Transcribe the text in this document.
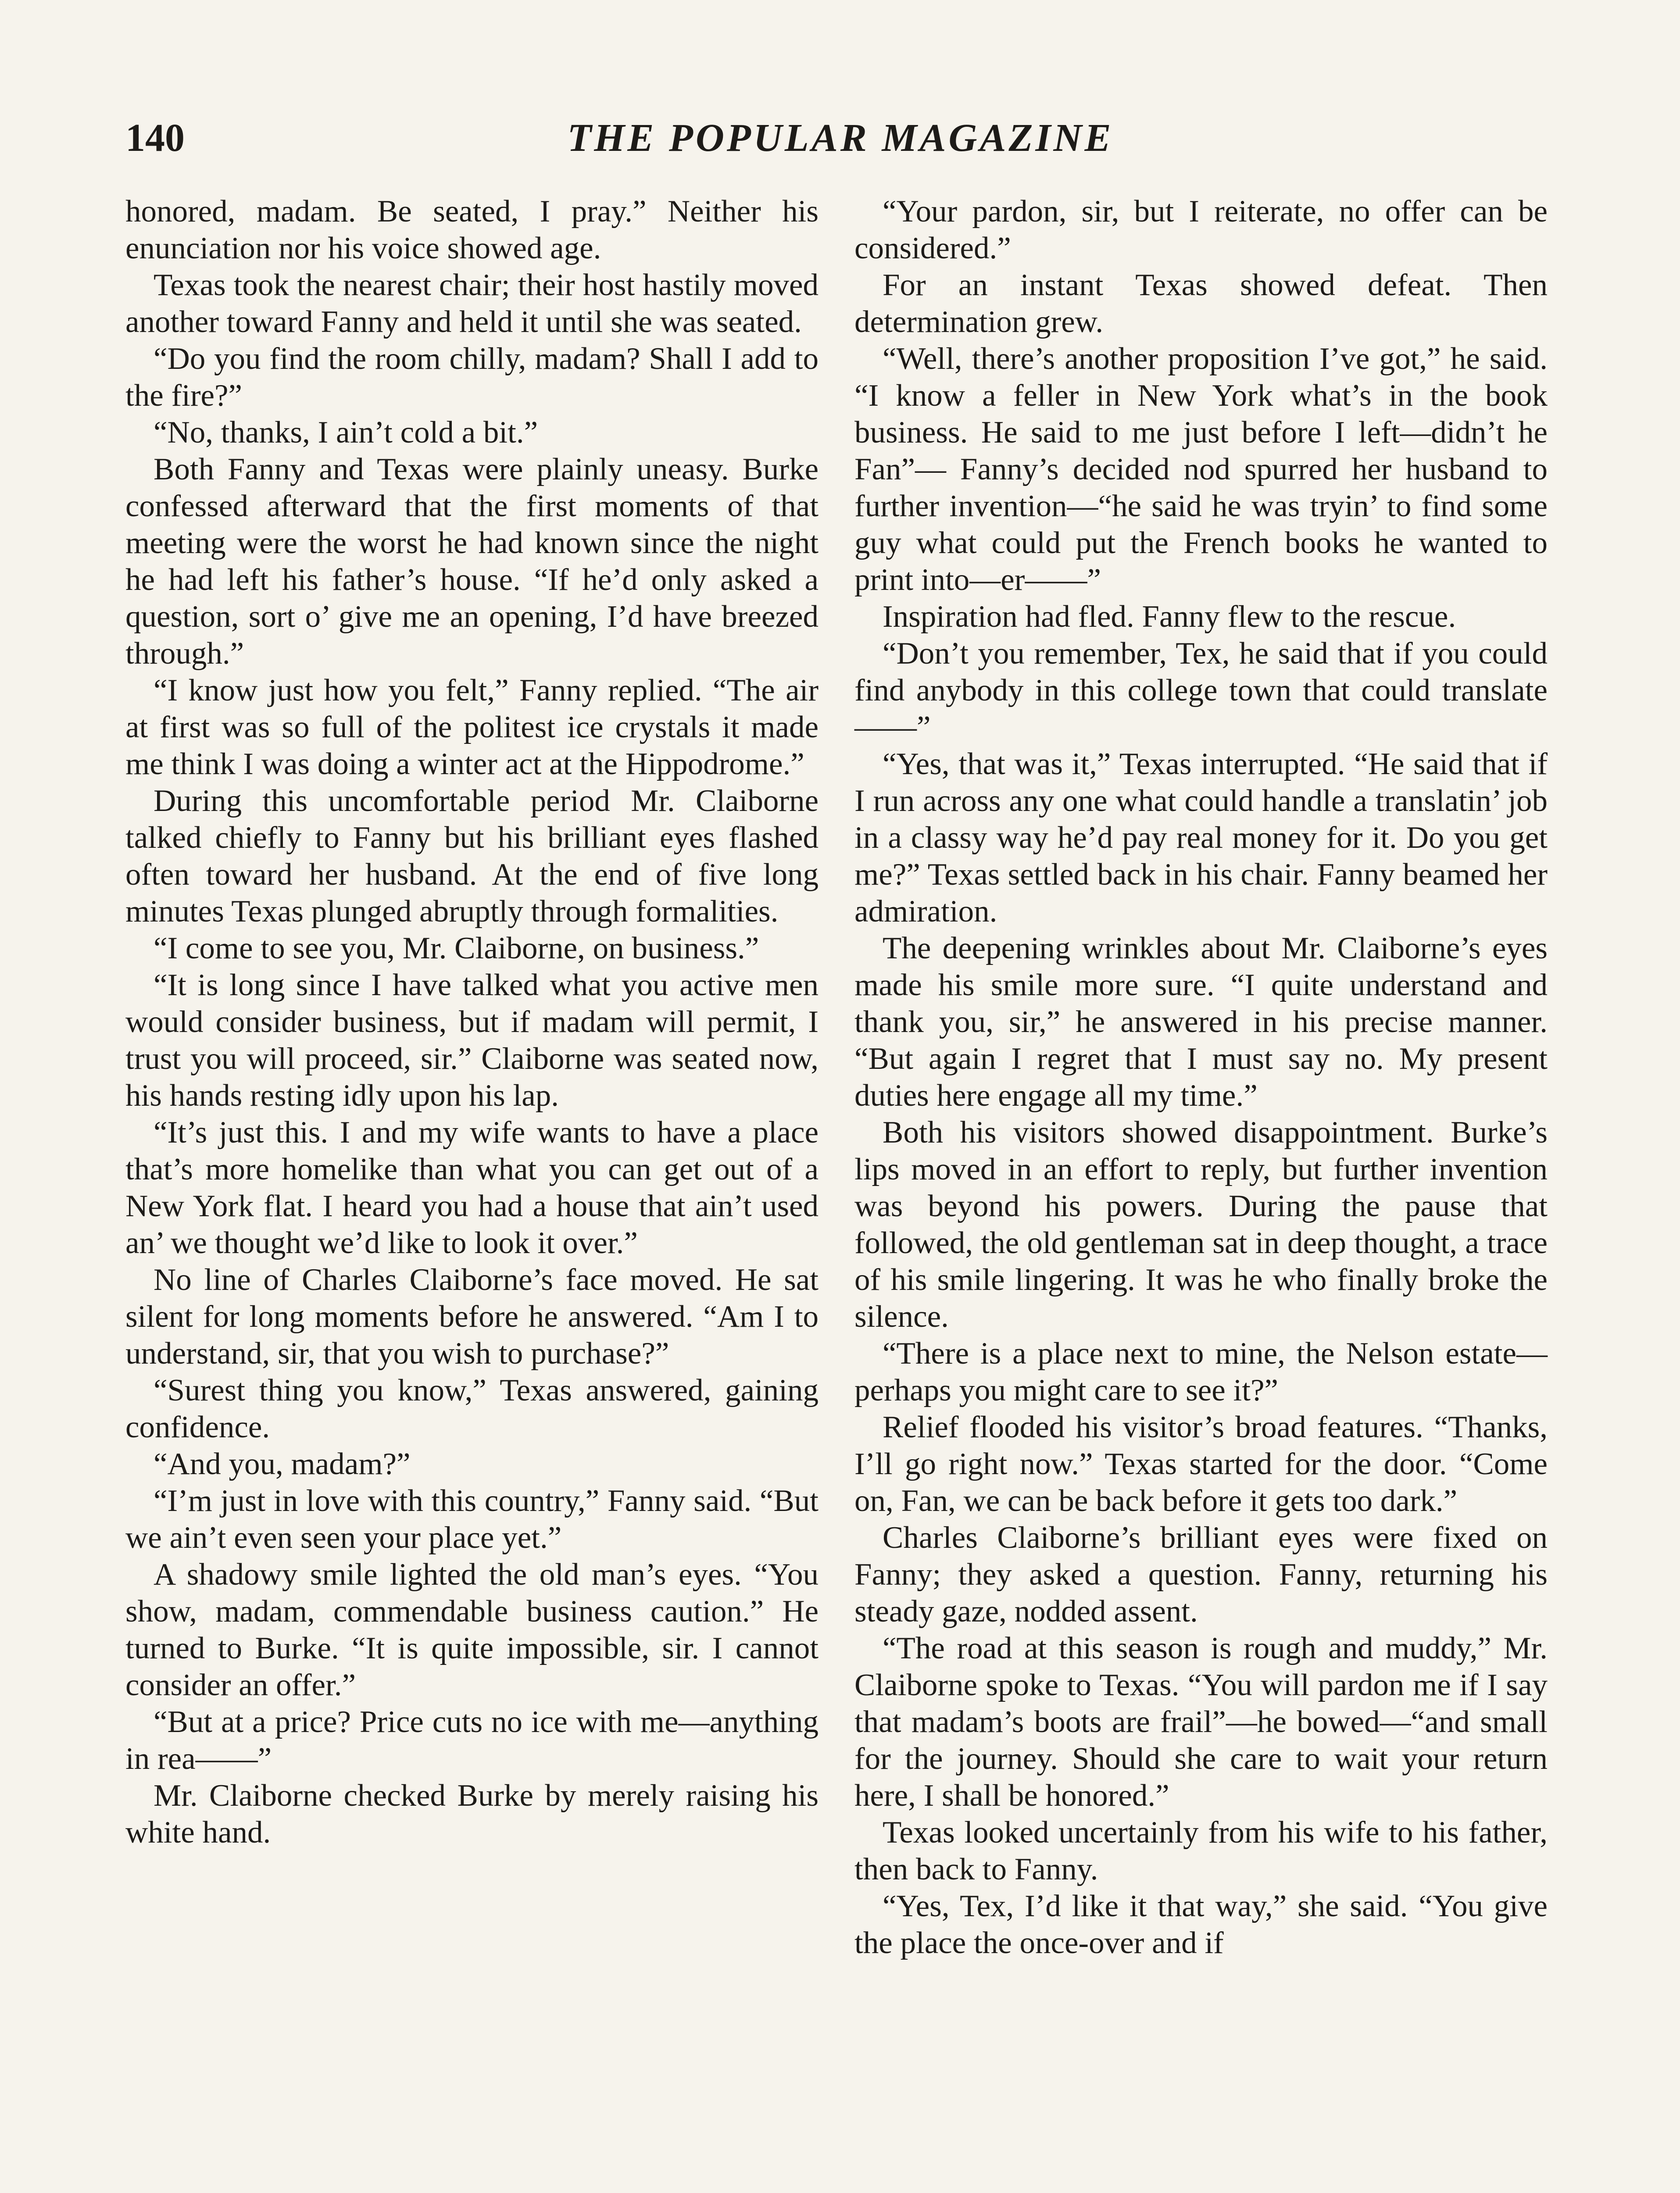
140	THE POPULAR MAGAZINE

honored, madam. Be seated, I pray.” Neither his enunciation nor his voice showed age.

Texas took the nearest chair; their host hastily moved another toward Fanny and held it until she was seated.

“Do you find the room chilly, madam? Shall I add to the fire?”

“No, thanks, I ain’t cold a bit.”

Both Fanny and Texas were plainly uneasy. Burke confessed afterward that the first moments of that meeting were the worst he had known since the night he had left his father’s house. “If he’d only asked a question, sort o’ give me an opening, I’d have breezed through.”

“I know just how you felt,” Fanny replied. “The air at first was so full of the politest ice crystals it made me think I was doing a winter act at the Hippodrome.”

During this uncomfortable period Mr. Claiborne talked chiefly to Fanny but his brilliant eyes flashed often toward her husband. At the end of five long minutes Texas plunged abruptly through formalities.

“I come to see you, Mr. Claiborne, on business.”

“It is long since I have talked what you active men would consider business, but if madam will permit, I trust you will proceed, sir.” Claiborne was seated now, his hands resting idly upon his lap.

“It’s just this. I and my wife wants to have a place that’s more homelike than what you can get out of a New York flat. I heard you had a house that ain’t used an’ we thought we’d like to look it over.”

No line of Charles Claiborne’s face moved. He sat silent for long moments before he answered. “Am I to understand, sir, that you wish to purchase?”

“Surest thing you know,” Texas answered, gaining confidence.

“And you, madam?”

“I’m just in love with this country,” Fanny said. “But we ain’t even seen your place yet.”

A shadowy smile lighted the old man’s eyes. “You show, madam, commendable business caution.” He turned to Burke. “It is quite impossible, sir. I cannot consider an offer.”

“But at a price? Price cuts no ice with me—anything in rea——”

Mr. Claiborne checked Burke by merely raising his white hand.

“Your pardon, sir, but I reiterate, no offer can be considered.”

For an instant Texas showed defeat. Then determination grew.

“Well, there’s another proposition I’ve got,” he said. “I know a feller in New York what’s in the book business. He said to me just before I left—didn’t he Fan”— Fanny’s decided nod spurred her husband to further invention—“he said he was tryin’ to find some guy what could put the French books he wanted to print into—er——”

Inspiration had fled. Fanny flew to the rescue.

“Don’t you remember, Tex, he said that if you could find anybody in this college town that could translate——”

“Yes, that was it,” Texas interrupted. “He said that if I run across any one what could handle a translatin’ job in a classy way he’d pay real money for it. Do you get me?” Texas settled back in his chair. Fanny beamed her admiration.

The deepening wrinkles about Mr. Claiborne’s eyes made his smile more sure. “I quite understand and thank you, sir,” he answered in his precise manner. “But again I regret that I must say no. My present duties here engage all my time.”

Both his visitors showed disappointment. Burke’s lips moved in an effort to reply, but further invention was beyond his powers. During the pause that followed, the old gentleman sat in deep thought, a trace of his smile lingering. It was he who finally broke the silence.

“There is a place next to mine, the Nelson estate—perhaps you might care to see it?”

Relief flooded his visitor’s broad features. “Thanks, I’ll go right now.” Texas started for the door. “Come on, Fan, we can be back before it gets too dark.”

Charles Claiborne’s brilliant eyes were fixed on Fanny; they asked a question. Fanny, returning his steady gaze, nodded assent.

“The road at this season is rough and muddy,” Mr. Claiborne spoke to Texas. “You will pardon me if I say that madam’s boots are frail”—he bowed—“and small for the journey. Should she care to wait your return here, I shall be honored.”

Texas looked uncertainly from his wife to his father, then back to Fanny.

“Yes, Tex, I’d like it that way,” she said. “You give the place the once-over and if
